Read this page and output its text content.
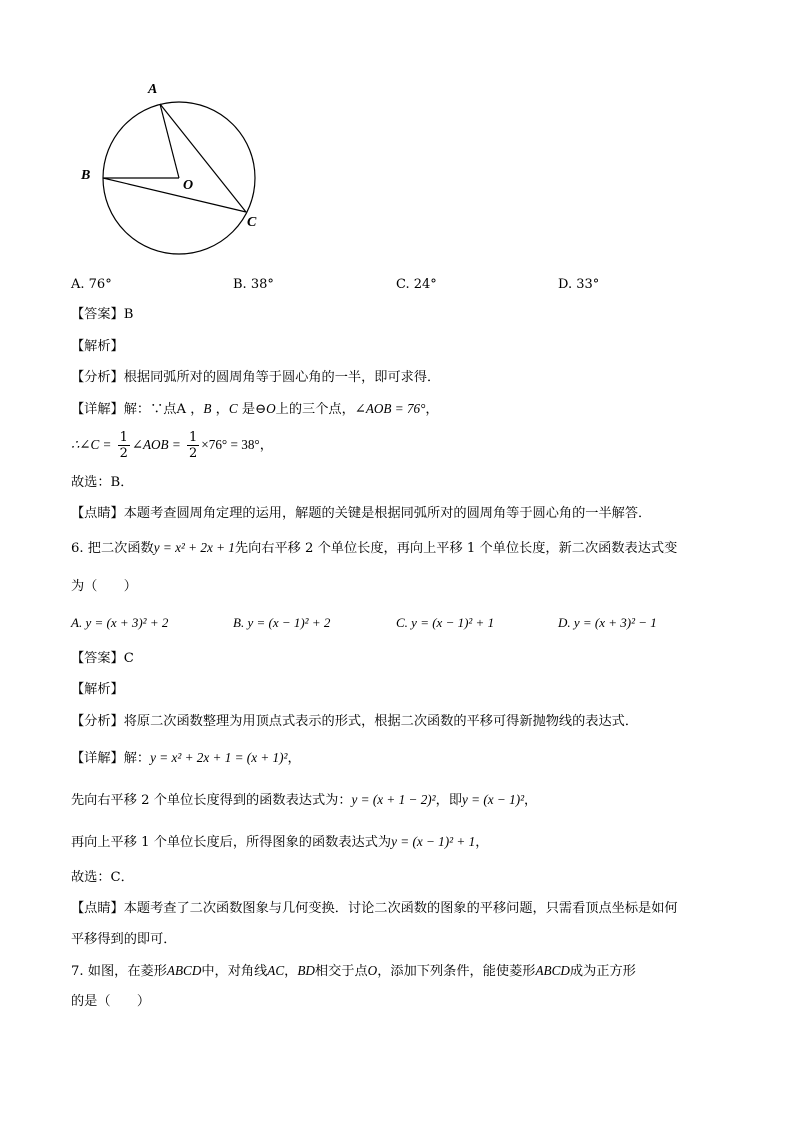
A
B
O
C
A. 76°	B. 38°	C. 24°	D. 33°
【答案】B
【解析】
【分析】根据同弧所对的圆周角等于圆心角的一半，即可求得．
【详解】解：∵点A ，B ，C 是⊖O上的三个点，∠AOB = 76°，
∴∠C = $\frac{1}{2}$ ∠AOB = $\frac{1}{2} \times 76^\circ = 38^\circ$，
故选：B．
【点睛】本题考查圆周角定理的运用，解题的关键是根据同弧所对的圆周角等于圆心角的一半解答．
6. 把二次函数y = x² + 2x + 1先向右平移 2 个单位长度，再向上平移 1 个单位长度，新二次函数表达式变
为（　　）
A. y = (x + 3)² + 2	B. y = (x − 1)² + 2	C. y = (x − 1)² + 1	D. y = (x + 3)² − 1
【答案】C
【解析】
【分析】将原二次函数整理为用顶点式表示的形式，根据二次函数的平移可得新抛物线的表达式．
【详解】解：y = x² + 2x + 1 = (x + 1)²，
先向右平移 2 个单位长度得到的函数表达式为：y = (x + 1 − 2)²，即y = (x − 1)²，
再向上平移 1 个单位长度后，所得图象的函数表达式为y = (x − 1)² + 1，
故选：C．
【点睛】本题考查了二次函数图象与几何变换．讨论二次函数的图象的平移问题，只需看顶点坐标是如何
平移得到的即可．
7. 如图，在菱形ABCD中，对角线AC，BD相交于点O，添加下列条件，能使菱形ABCD成为正方形
的是（　　）
